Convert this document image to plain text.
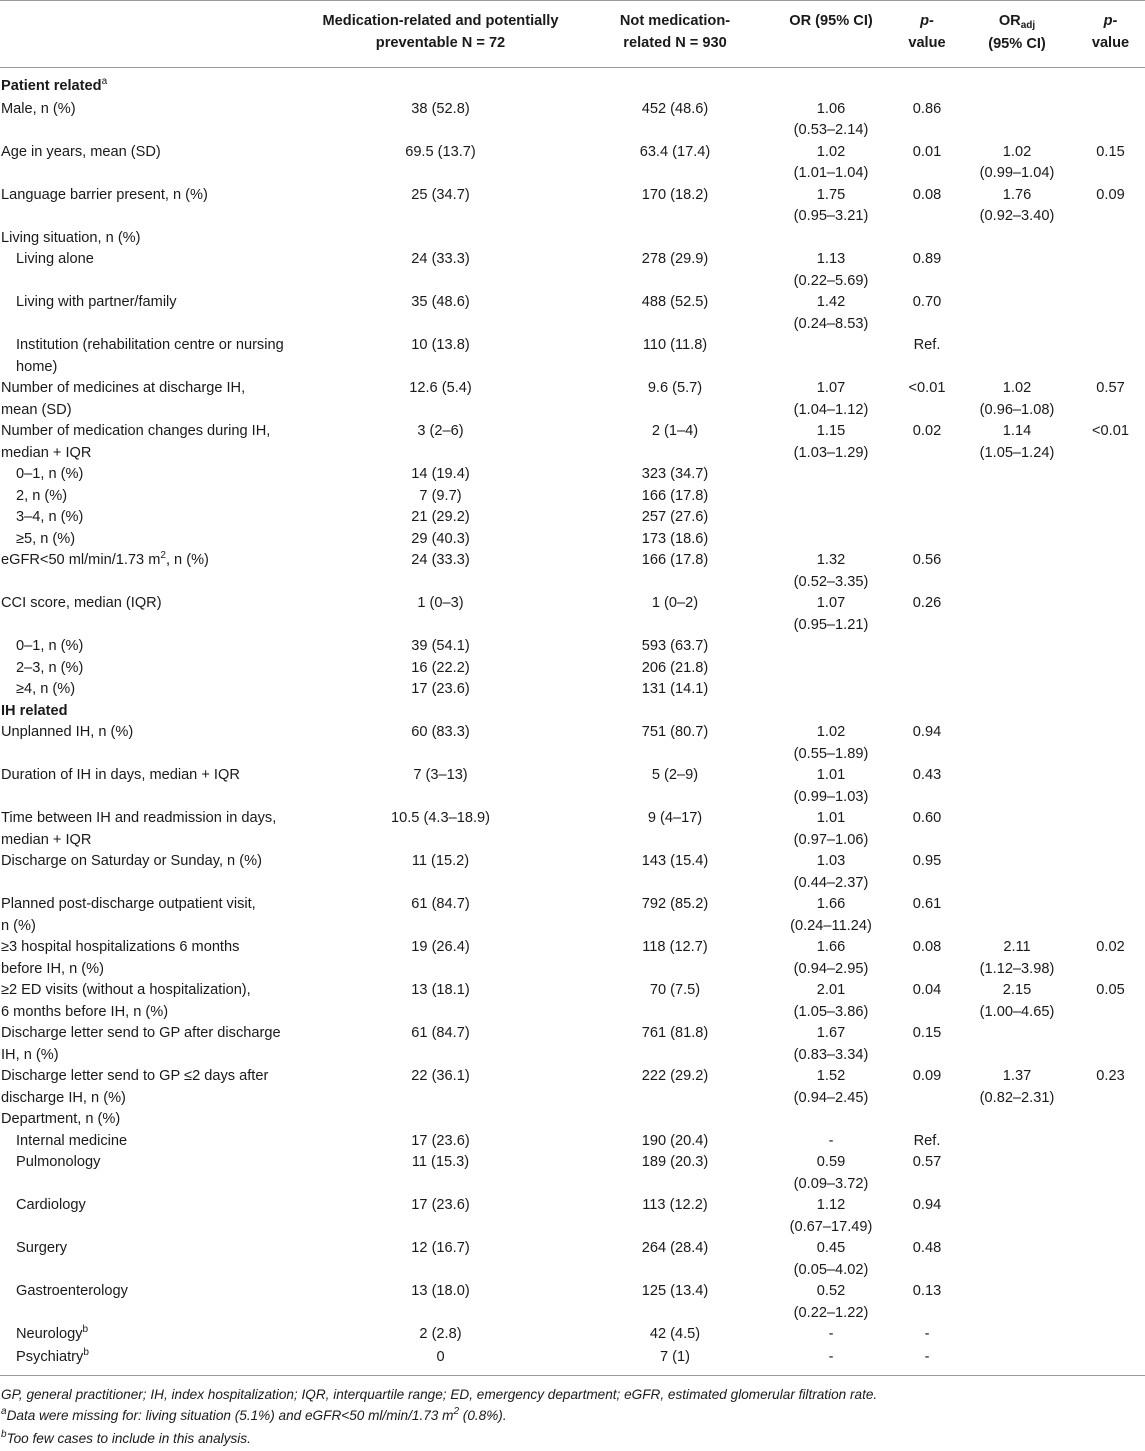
	Medication-related and potentially
preventable N = 72	Not medication-
related N = 930	OR (95% CI)	p-
value	$OR_{adj}$
(95% CI)	p-
value
Patient related$^a$						
Male, n (%)	38 (52.8)	452 (48.6)	1.06
(0.53–2.14)	0.86		
Age in years, mean (SD)	69.5 (13.7)	63.4 (17.4)	1.02
(1.01–1.04)	0.01	1.02
(0.99–1.04)	0.15
Language barrier present, n (%)	25 (34.7)	170 (18.2)	1.75
(0.95–3.21)	0.08	1.76
(0.92–3.40)	0.09
Living situation, n (%)						
Living alone	24 (33.3)	278 (29.9)	1.13
(0.22–5.69)	0.89		
Living with partner/family	35 (48.6)	488 (52.5)	1.42
(0.24–8.53)	0.70		
Institution (rehabilitation centre or nursing
home)	10 (13.8)	110 (11.8)		Ref.		
Number of medicines at discharge IH,
mean (SD)	12.6 (5.4)	9.6 (5.7)	1.07
(1.04–1.12)	<0.01	1.02
(0.96–1.08)	0.57
Number of medication changes during IH,
median + IQR	3 (2–6)	2 (1–4)	1.15
(1.03–1.29)	0.02	1.14
(1.05–1.24)	<0.01
0–1, n (%)	14 (19.4)	323 (34.7)				
2, n (%)	7 (9.7)	166 (17.8)				
3–4, n (%)	21 (29.2)	257 (27.6)				
≥5, n (%)	29 (40.3)	173 (18.6)				
eGFR<50 ml/min/1.73 $m^2$, n (%)	24 (33.3)	166 (17.8)	1.32
(0.52–3.35)	0.56		
CCI score, median (IQR)	1 (0–3)	1 (0–2)	1.07
(0.95–1.21)	0.26		
0–1, n (%)	39 (54.1)	593 (63.7)				
2–3, n (%)	16 (22.2)	206 (21.8)				
≥4, n (%)	17 (23.6)	131 (14.1)				
IH related						
Unplanned IH, n (%)	60 (83.3)	751 (80.7)	1.02
(0.55–1.89)	0.94		
Duration of IH in days, median + IQR	7 (3–13)	5 (2–9)	1.01
(0.99–1.03)	0.43		
Time between IH and readmission in days,
median + IQR	10.5 (4.3–18.9)	9 (4–17)	1.01
(0.97–1.06)	0.60		
Discharge on Saturday or Sunday, n (%)	11 (15.2)	143 (15.4)	1.03
(0.44–2.37)	0.95		
Planned post-discharge outpatient visit,
n (%)	61 (84.7)	792 (85.2)	1.66
(0.24–11.24)	0.61		
≥3 hospital hospitalizations 6 months
before IH, n (%)	19 (26.4)	118 (12.7)	1.66
(0.94–2.95)	0.08	2.11
(1.12–3.98)	0.02
≥2 ED visits (without a hospitalization),
6 months before IH, n (%)	13 (18.1)	70 (7.5)	2.01
(1.05–3.86)	0.04	2.15
(1.00–4.65)	0.05
Discharge letter send to GP after discharge
IH, n (%)	61 (84.7)	761 (81.8)	1.67
(0.83–3.34)	0.15		
Discharge letter send to GP ≤2 days after
discharge IH, n (%)	22 (36.1)	222 (29.2)	1.52
(0.94–2.45)	0.09	1.37
(0.82–2.31)	0.23
Department, n (%)						
Internal medicine	17 (23.6)	190 (20.4)	-	Ref.		
Pulmonology	11 (15.3)	189 (20.3)	0.59
(0.09–3.72)	0.57		
Cardiology	17 (23.6)	113 (12.2)	1.12
(0.67–17.49)	0.94		
Surgery	12 (16.7)	264 (28.4)	0.45
(0.05–4.02)	0.48		
Gastroenterology	13 (18.0)	125 (13.4)	0.52
(0.22–1.22)	0.13		
Neurology$^b$	2 (2.8)	42 (4.5)	-	-		
Psychiatry$^b$	0	7 (1)	-	-		
GP, general practitioner; IH, index hospitalization; IQR, interquartile range; ED, emergency department; eGFR, estimated glomerular filtration rate.
$^a$Data were missing for: living situation (5.1%) and eGFR<50 ml/min/1.73 $m^2$ (0.8%).
$^b$Too few cases to include in this analysis.
